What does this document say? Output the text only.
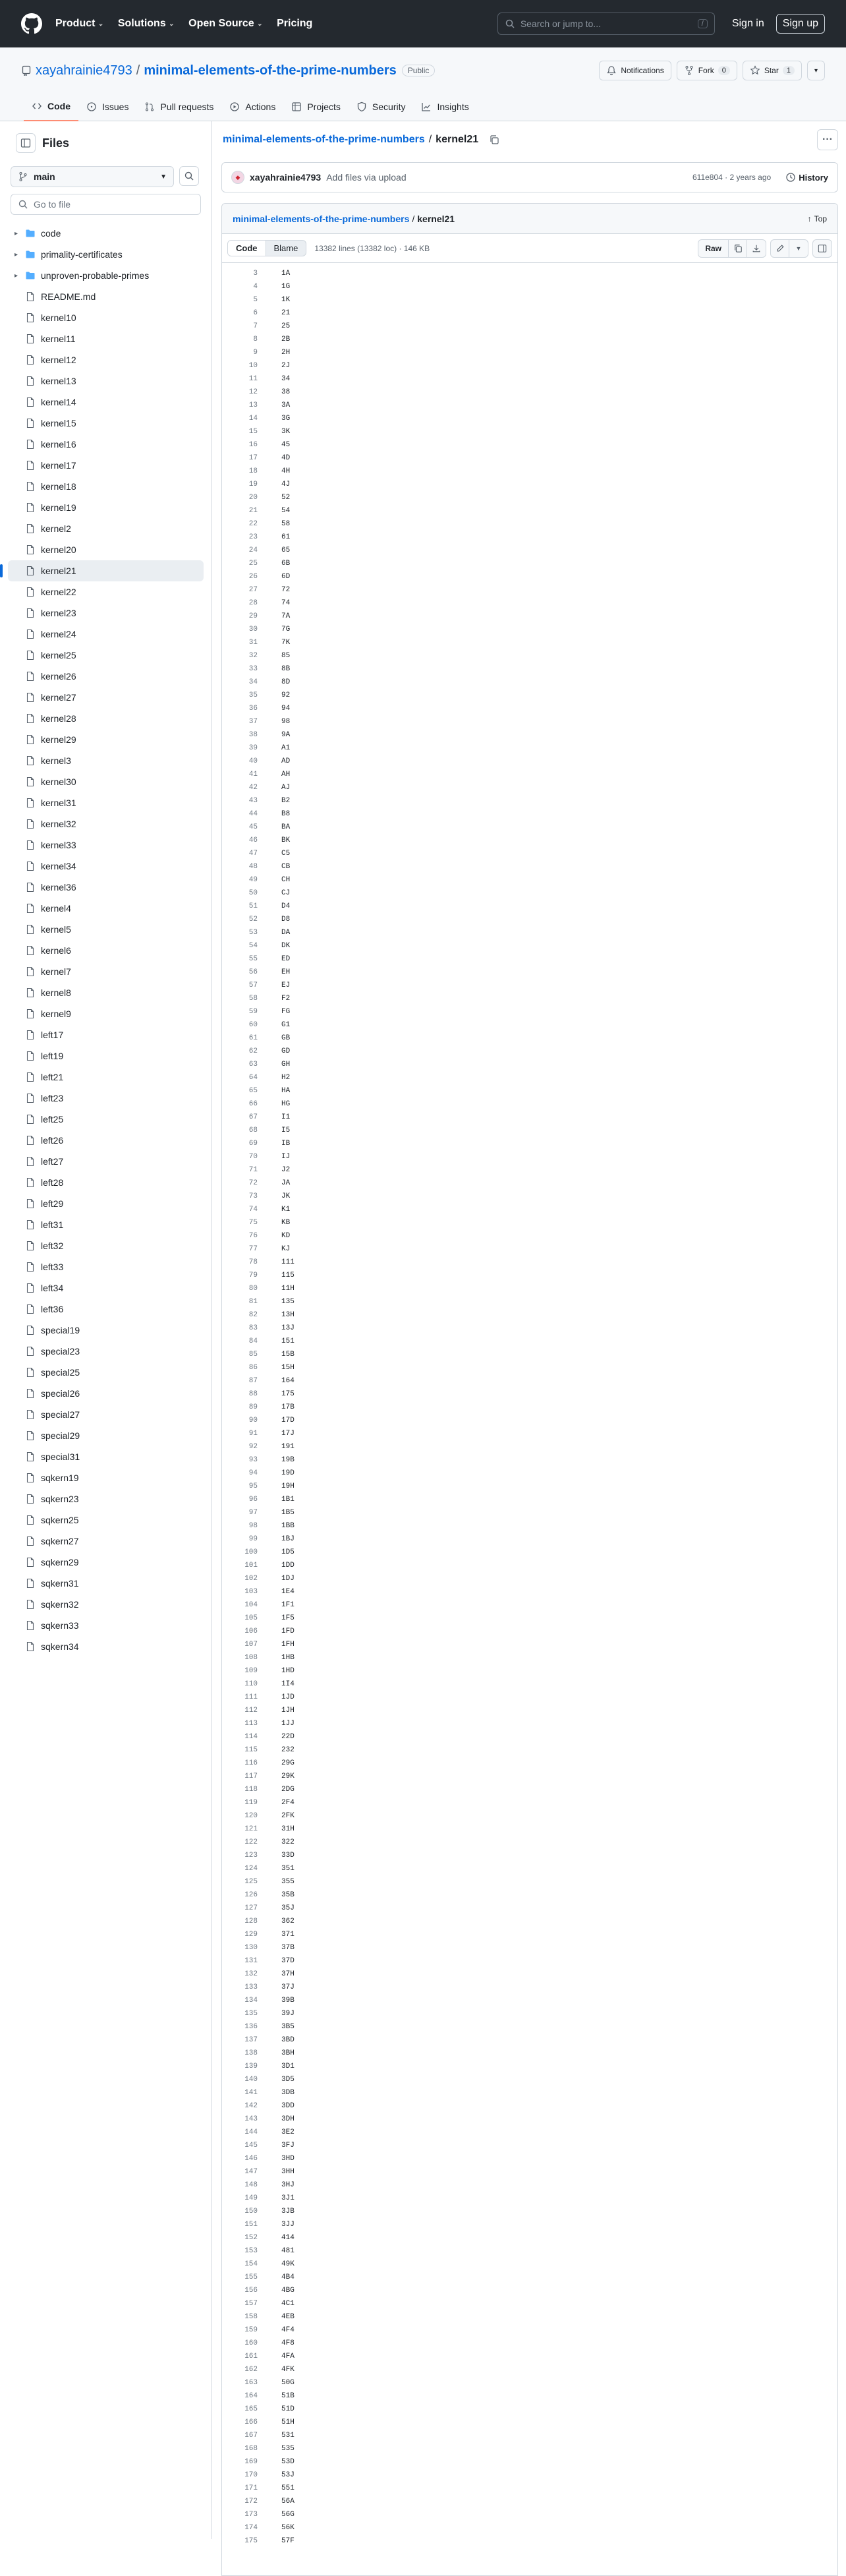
Product ⌄ Solutions ⌄ Open Source ⌄ Pricing	Search or jump to...	/	Sign in	Sign up
xayahrainie4793 / minimal-elements-of-the-prime-numbers	Public	Notifications	Fork	0	Star	1	▾
Code	Issues	Pull requests	Actions	Projects	Security	Insights
Files
main	▼
Go to file
▸	code
▸	primality-certificates
▸	unproven-probable-primes
README.md
kernel10
kernel11
kernel12
kernel13
kernel14
kernel15
kernel16
kernel17
kernel18
kernel19
kernel2
kernel20
kernel21
kernel22
kernel23
kernel24
kernel25
kernel26
kernel27
kernel28
kernel29
kernel3
kernel30
kernel31
kernel32
kernel33
kernel34
kernel36
kernel4
kernel5
kernel6
kernel7
kernel8
kernel9
left17
left19
left21
left23
left25
left26
left27
left28
left29
left31
left32
left33
left34
left36
special19
special23
special25
special26
special27
special29
special31
sqkern19
sqkern23
sqkern25
sqkern27
sqkern29
sqkern31
sqkern32
sqkern33
sqkern34
minimal-elements-of-the-prime-numbers / kernel21	···
◆	xayahrainie4793 Add files via upload	611e804 · 2 years ago	History
minimal-elements-of-the-prime-numbers / kernel21	↑ Top
Code	Blame	13382 lines (13382 loc) · 146 KB	Raw	▼
3	1A
4	1G
5	1K
6	21
7	25
8	2B
9	2H
10	2J
11	34
12	38
13	3A
14	3G
15	3K
16	45
17	4D
18	4H
19	4J
20	52
21	54
22	58
23	61
24	65
25	6B
26	6D
27	72
28	74
29	7A
30	7G
31	7K
32	85
33	8B
34	8D
35	92
36	94
37	98
38	9A
39	A1
40	AD
41	AH
42	AJ
43	B2
44	B8
45	BA
46	BK
47	C5
48	CB
49	CH
50	CJ
51	D4
52	D8
53	DA
54	DK
55	ED
56	EH
57	EJ
58	F2
59	FG
60	G1
61	GB
62	GD
63	GH
64	H2
65	HA
66	HG
67	I1
68	I5
69	IB
70	IJ
71	J2
72	JA
73	JK
74	K1
75	KB
76	KD
77	KJ
78	111
79	115
80	11H
81	135
82	13H
83	13J
84	151
85	15B
86	15H
87	164
88	175
89	17B
90	17D
91	17J
92	191
93	19B
94	19D
95	19H
96	1B1
97	1B5
98	1BB
99	1BJ
100	1D5
101	1DD
102	1DJ
103	1E4
104	1F1
105	1F5
106	1FD
107	1FH
108	1HB
109	1HD
110	1I4
111	1JD
112	1JH
113	1JJ
114	22D
115	232
116	29G
117	29K
118	2DG
119	2F4
120	2FK
121	31H
122	322
123	33D
124	351
125	355
126	35B
127	35J
128	362
129	371
130	37B
131	37D
132	37H
133	37J
134	39B
135	39J
136	3B5
137	3BD
138	3BH
139	3D1
140	3D5
141	3DB
142	3DD
143	3DH
144	3E2
145	3FJ
146	3HD
147	3HH
148	3HJ
149	3J1
150	3JB
151	3JJ
152	414
153	481
154	49K
155	4B4
156	4BG
157	4C1
158	4EB
159	4F4
160	4F8
161	4FA
162	4FK
163	50G
164	51B
165	51D
166	51H
167	531
168	535
169	53D
170	53J
171	551
172	56A
173	56G
174	56K
175	57F
